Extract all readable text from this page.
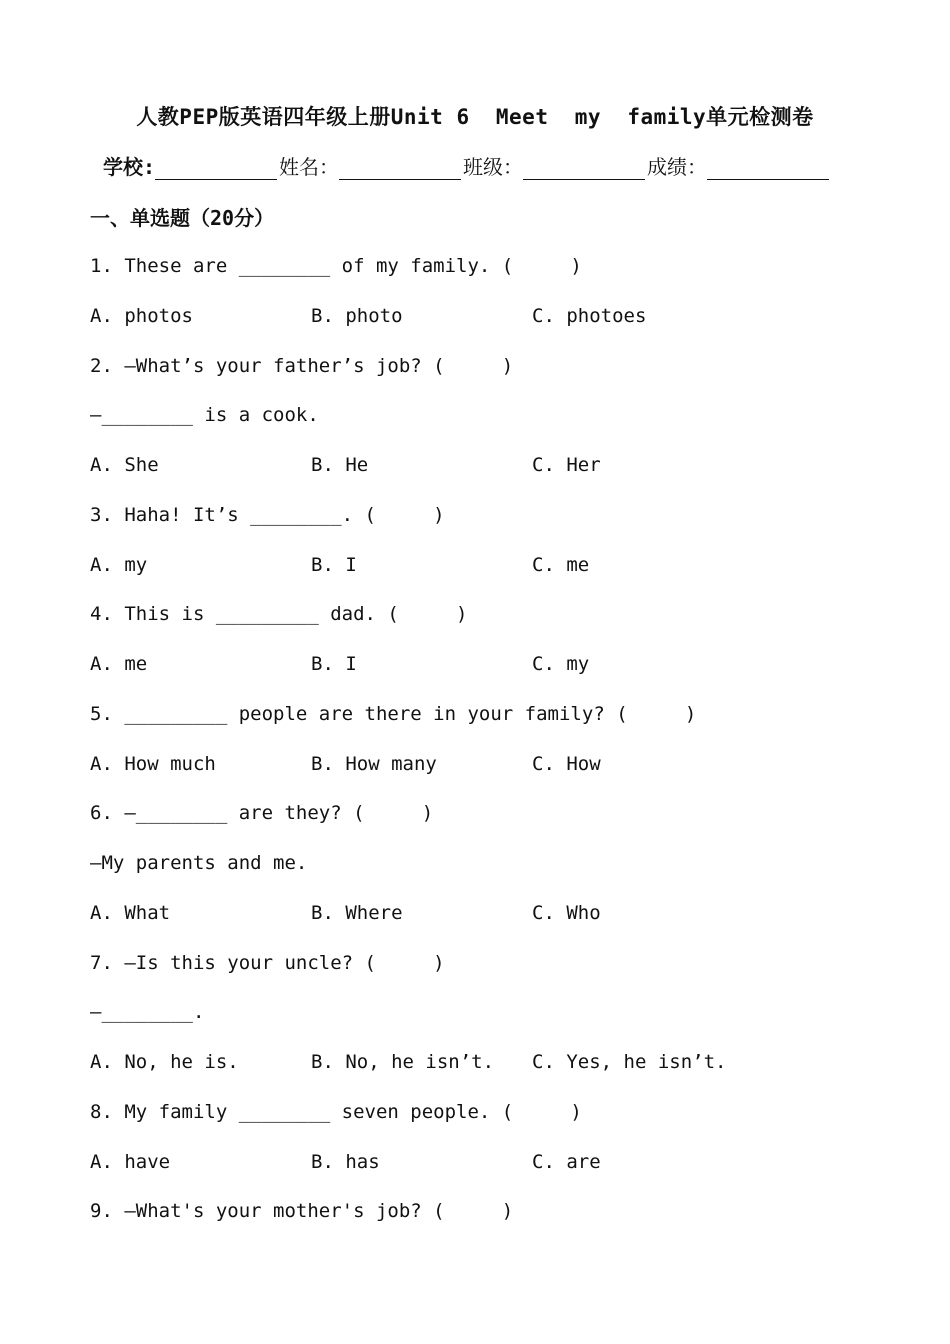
人教PEP版英语四年级上册Unit 6  Meet  my  family单元检测卷
学校:	姓名：	班级：	成绩：
一、单选题（20分）
1. These are ________ of my family. (     )

A. photos

	B. photo

	C. photoes

2. —What’s your father’s job? (     )
—________ is a cook.

A. She

	B. He

	C. Her

3. Haha! It’s ________. (     )

A. my

	B. I

	C. me

4. This is _________ dad. (     )

A. me

	B. I

	C. my

5. _________ people are there in your family? (     )

A. How much

	B. How many

	C. How

6. —________ are they? (     )
—My parents and me.

A. What

	B. Where

	C. Who

7. —Is this your uncle? (     )
—________.

A. No, he is.

	B. No, he isn’t.

C. Yes, he isn’t.

8. My family ________ seven people. (     )

A. have

	B. has

	C. are

9. —What's your mother's job? (     )
